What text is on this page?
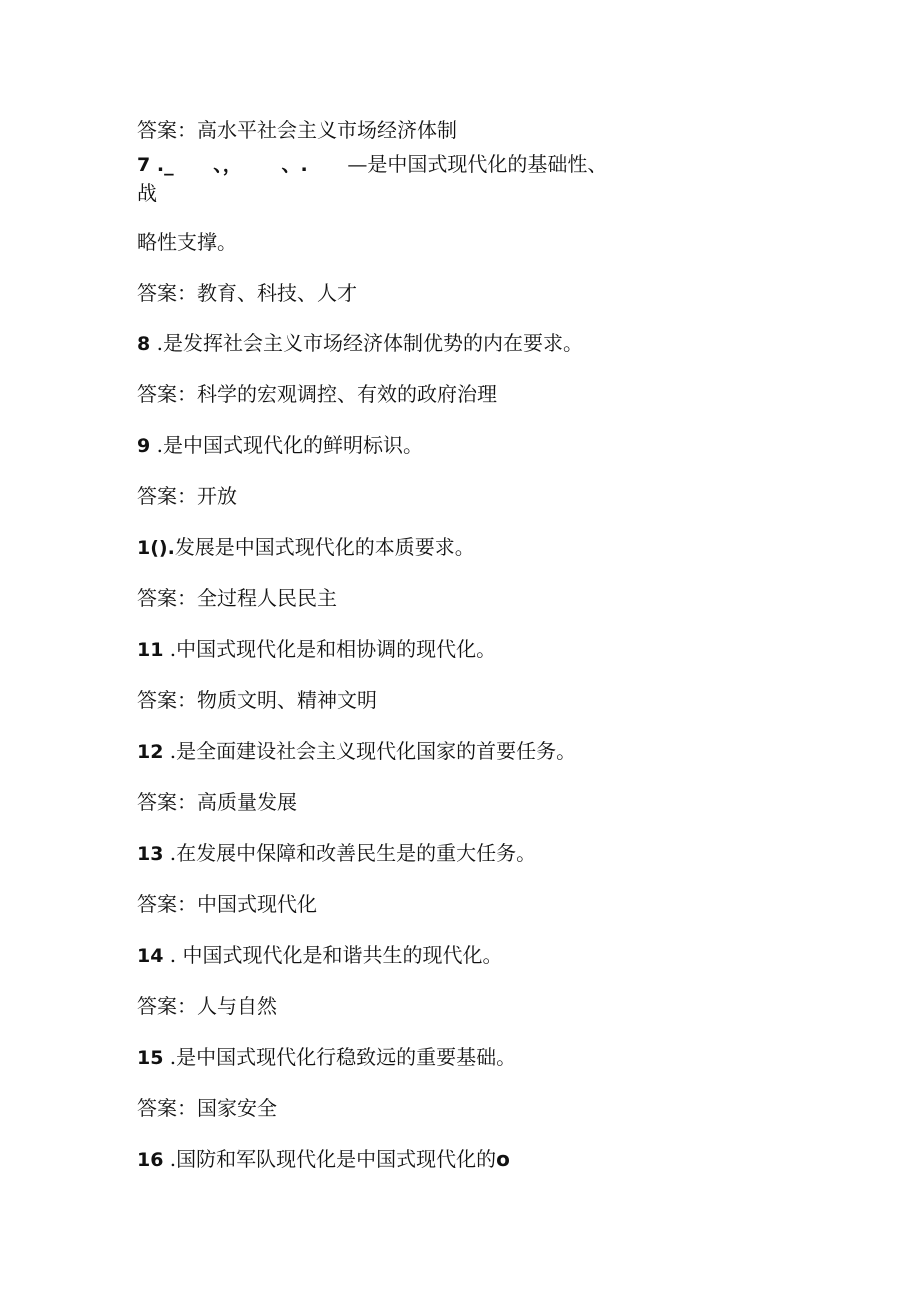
答案：高水平社会主义市场经济体制
7 ._      、，      、.      —是中国式现代化的基础性、
战
略性支撑。
答案：教育、科技、人才
8 .是发挥社会主义市场经济体制优势的内在要求。
答案：科学的宏观调控、有效的政府治理
9 .是中国式现代化的鲜明标识。
答案：开放
1().发展是中国式现代化的本质要求。
答案：全过程人民民主
11 .中国式现代化是和相协调的现代化。
答案：物质文明、精神文明
12 .是全面建设社会主义现代化国家的首要任务。
答案：高质量发展
13 .在发展中保障和改善民生是的重大任务。
答案：中国式现代化
14 . 中国式现代化是和谐共生的现代化。
答案：人与自然
15 .是中国式现代化行稳致远的重要基础。
答案：国家安全
16 .国防和军队现代化是中国式现代化的o
